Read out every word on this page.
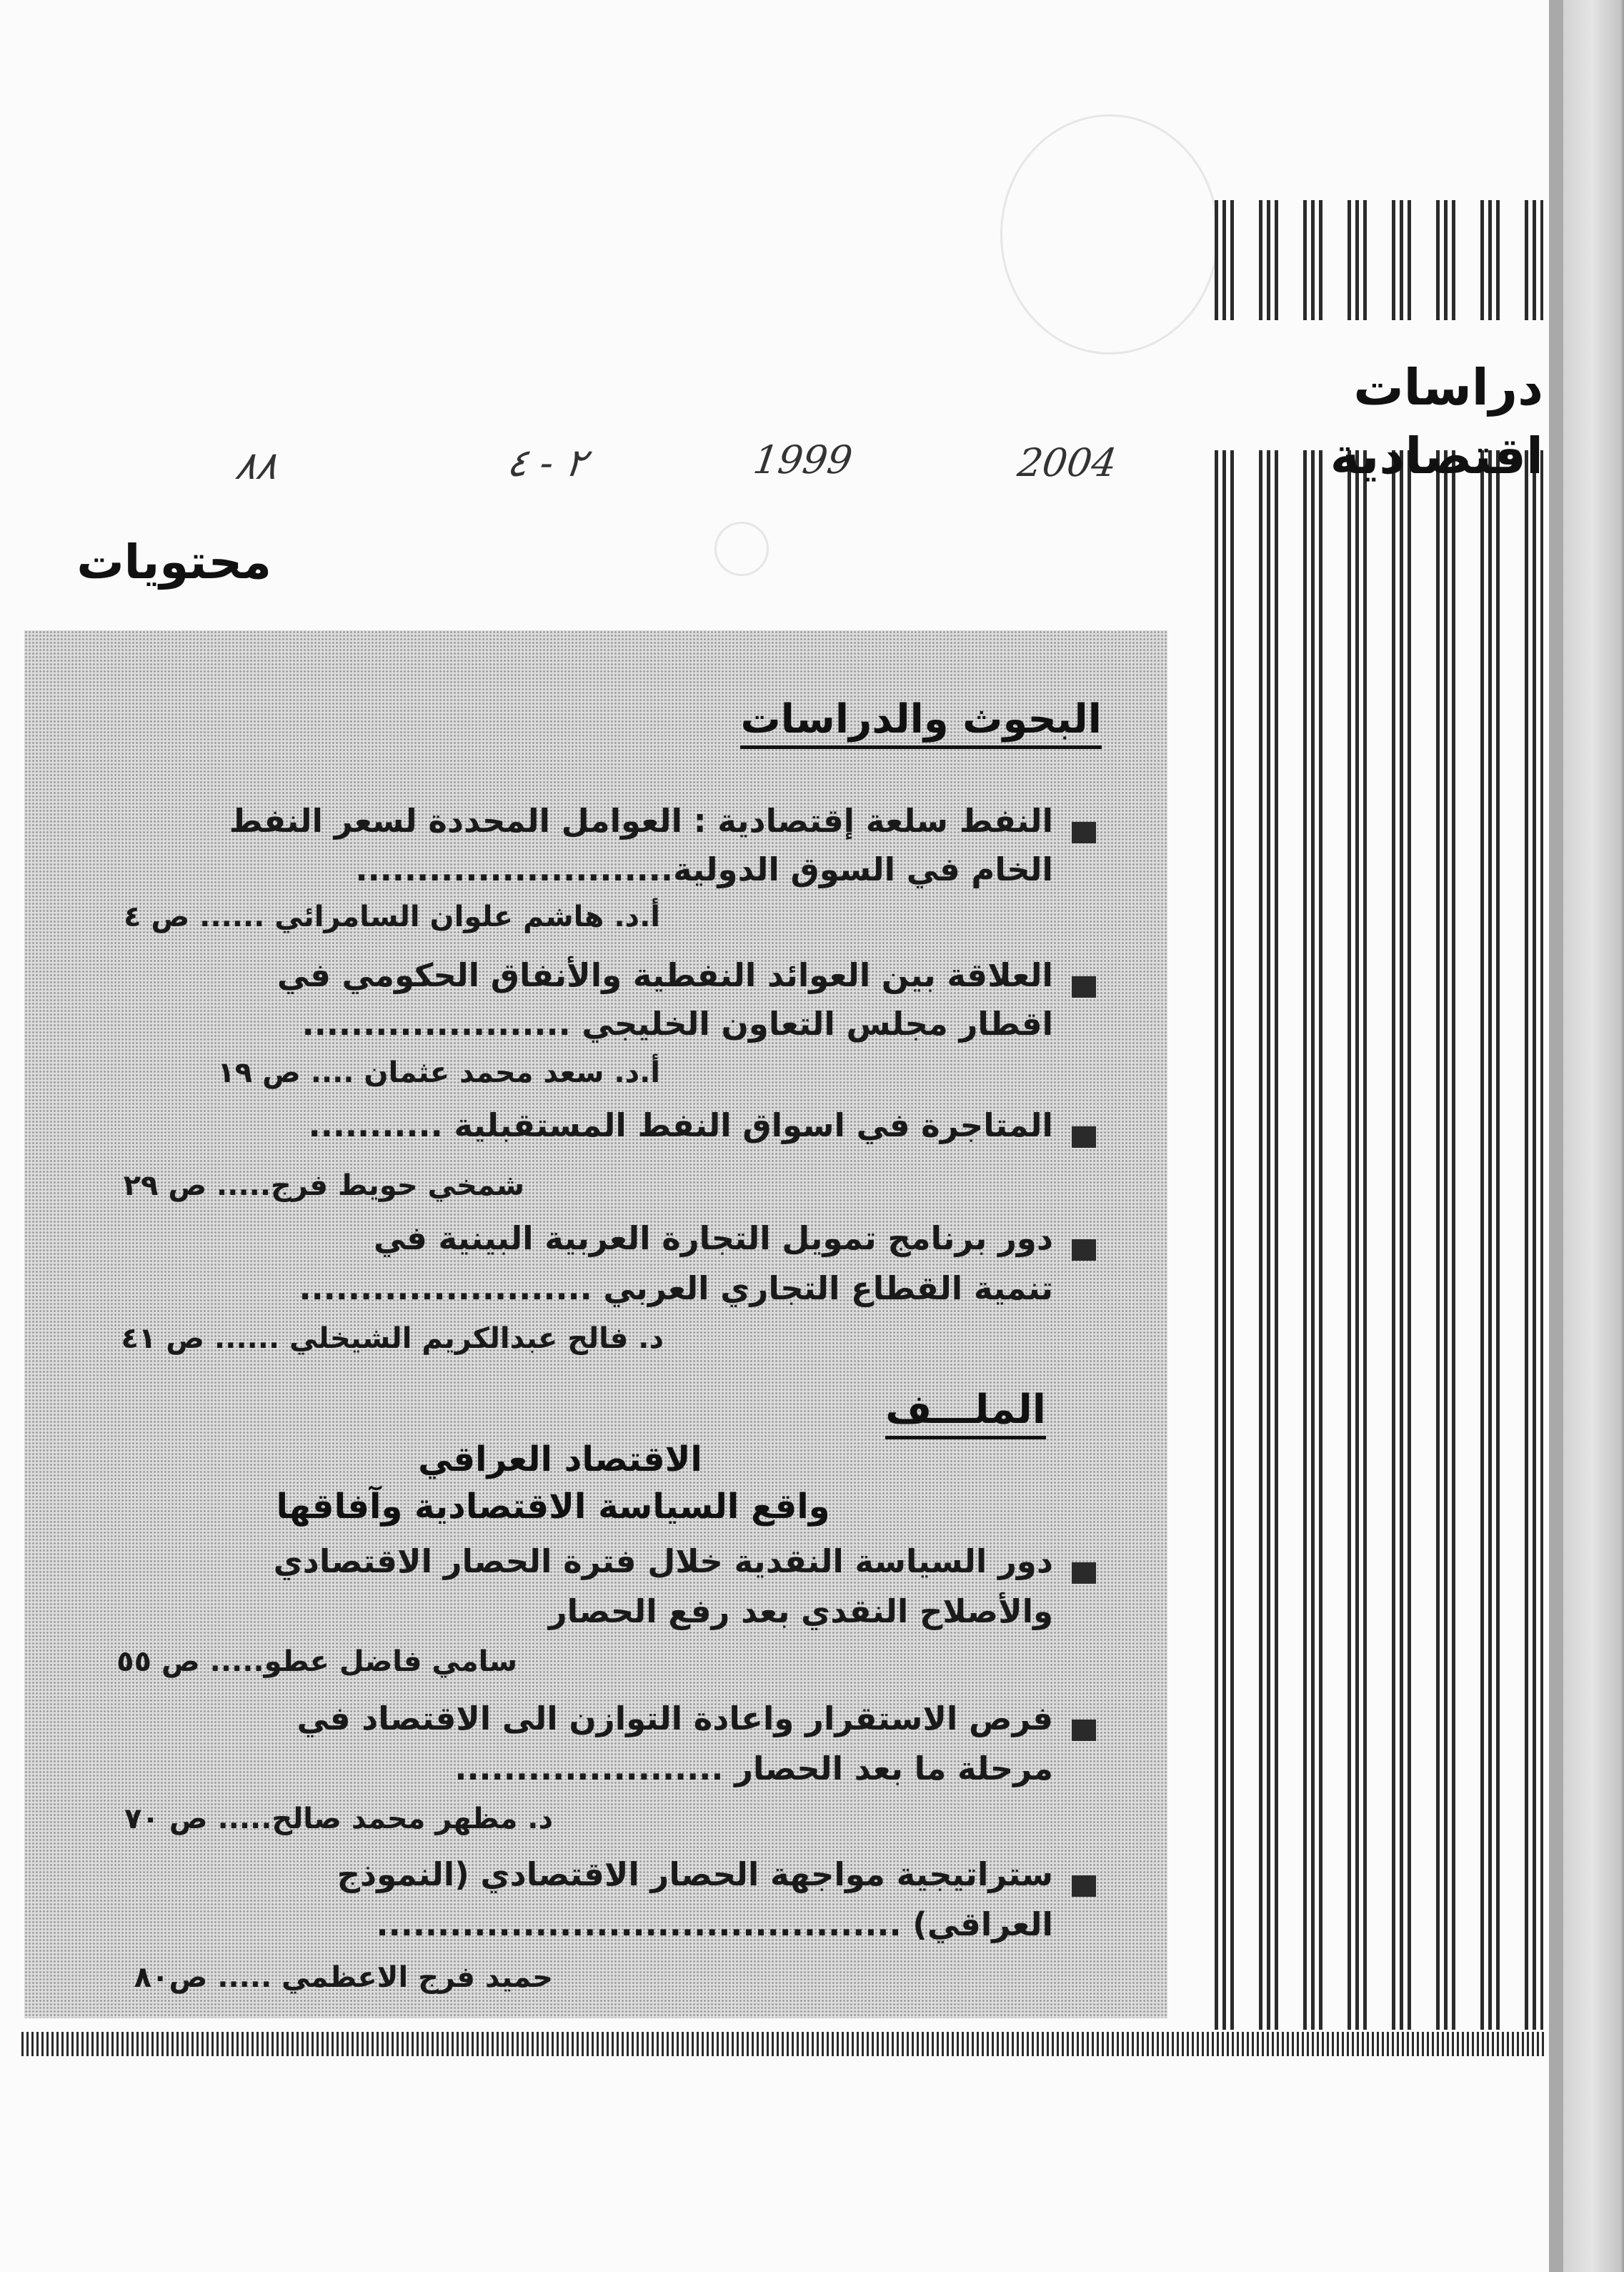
دراسات اقتصادية
٨٨	٢ - ٤	1999	2004
محتويات
البحوث والدراسات
النفط سلعة إقتصادية : العوامل المحددة لسعر النفط
الخام في السوق الدولية..........................
أ.د. هاشم علوان السامرائي ...... ص ٤
العلاقة بين العوائد النفطية والأنفاق الحكومي في
اقطار مجلس التعاون الخليجي ......................
أ.د. سعد محمد عثمان .... ص ١٩
المتاجرة في اسواق النفط المستقبلية ...........
شمخي حويط فرج..... ص ٢٩
دور برنامج تمويل التجارة العربية البينية في
تنمية القطاع التجاري العربي ........................
د. فالح عبدالكريم الشيخلي ...... ص ٤١
الملـــف
الاقتصاد العراقي
واقع السياسة الاقتصادية وآفاقها
دور السياسة النقدية خلال فترة الحصار الاقتصادي
والأصلاح النقدي بعد رفع الحصار
سامي فاضل عطو..... ص ٥٥
فرص الاستقرار واعادة التوازن الى الاقتصاد في
مرحلة ما بعد الحصار ......................
د. مظهر محمد صالح..... ص ٧٠
ستراتيجية مواجهة الحصار الاقتصادي (النموذج
العراقي) ...........................................
حميد فرج الاعظمي ..... ص٨٠
